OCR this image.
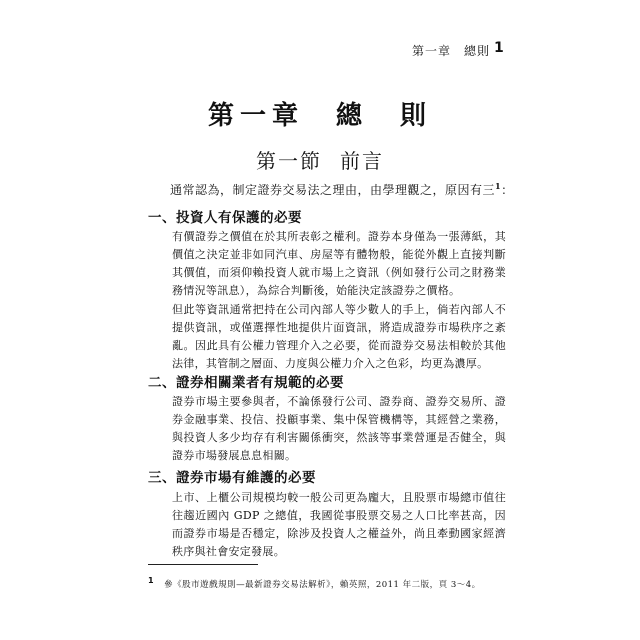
第一章　總則 1
第一章　總　則
第一節 前言
通常認為，制定證券交易法之理由，由學理觀之，原因有三$^1$：
一、投資人有保護的必要
有價證券之價值在於其所表彰之權利。證券本身僅為一張薄紙，其價值之決定並非如同汽車、房屋等有體物般，能從外觀上直接判斷其價值，而須仰賴投資人就市場上之資訊（例如發行公司之財務業務情況等訊息），為綜合判斷後，始能決定該證券之價格。
但此等資訊通常把持在公司內部人等少數人的手上，倘若內部人不提供資訊，或僅選擇性地提供片面資訊，將造成證券市場秩序之紊亂。因此具有公權力管理介入之必要，從而證券交易法相較於其他法律，其管制之層面、力度與公權力介入之色彩，均更為濃厚。
二、證券相關業者有規範的必要
證券市場主要參與者，不論係發行公司、證券商、證券交易所、證券金融事業、投信、投顧事業、集中保管機構等，其經營之業務，與投資人多少均存有利害關係衝突，然該等事業營運是否健全，與證券市場發展息息相關。
三、證券市場有維護的必要
上市、上櫃公司規模均較一般公司更為龐大，且股票市場總市值往往趨近國內 GDP 之總值，我國從事股票交易之人口比率甚高，因而證券市場是否穩定，除涉及投資人之權益外，尚且牽動國家經濟秩序與社會安定發展。
1 參《股市遊戲規則—最新證券交易法解析》，賴英照，2011 年二版，頁 3～4。
